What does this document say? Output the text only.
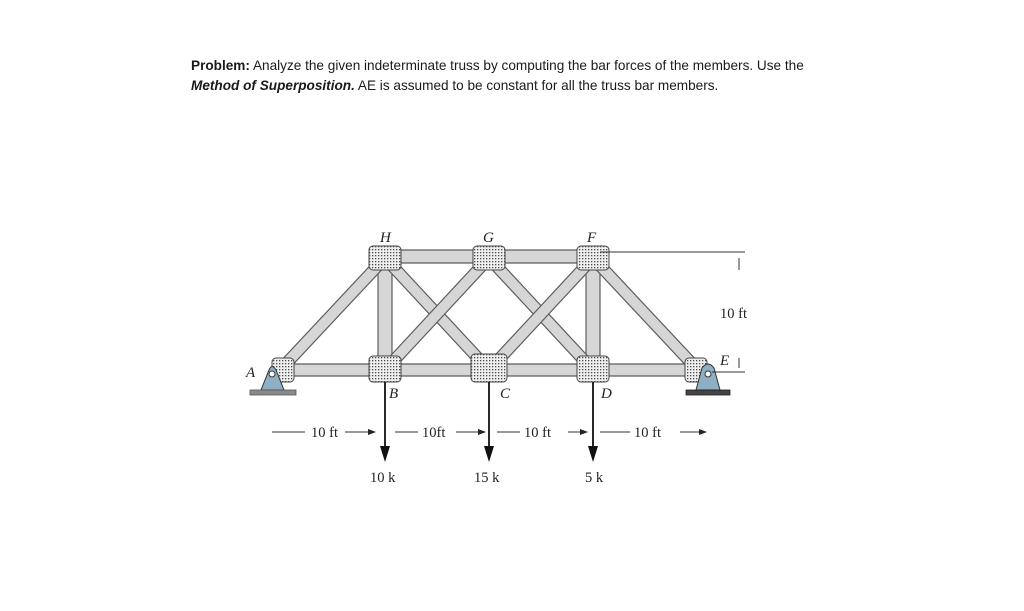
Problem: Analyze the given indeterminate truss by computing the bar forces of the members. Use the Method of Superposition. AE is assumed to be constant for all the truss bar members.
A
B	C	D
E
F
G
H
10 ft
10 ft	10ft	10 ft	10 ft
10 k	15 k	5 k
